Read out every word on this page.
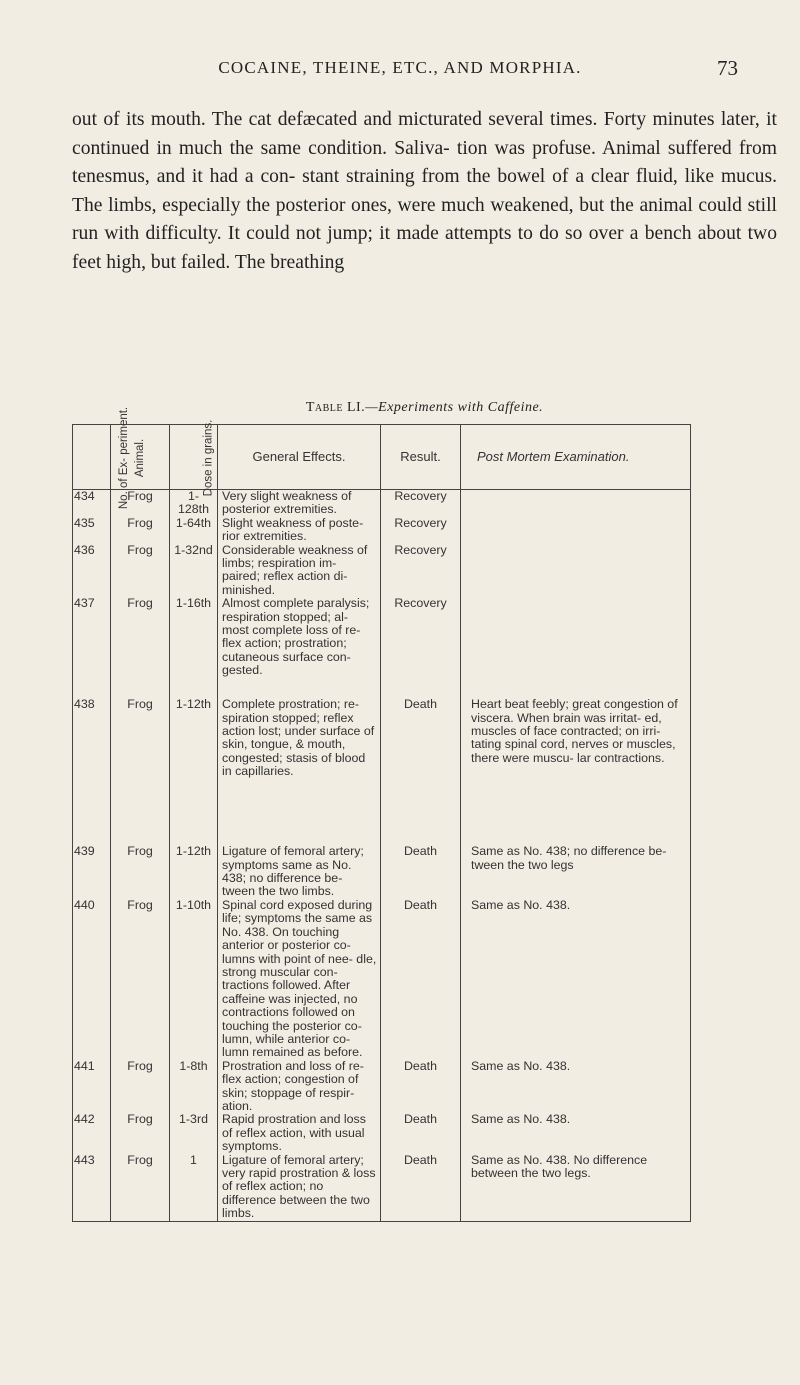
COCAINE, THEINE, ETC., AND MORPHIA.	73

out of its mouth. The cat defæcated and micturated several times. Forty minutes later, it continued in much the same condition. Saliva- tion was profuse. Animal suffered from tenesmus, and it had a con- stant straining from the bowel of a clear fluid, like mucus. The limbs, especially the posterior ones, were much weakened, but the animal could still run with difficulty. It could not jump; it made attempts to do so over a bench about two feet high, but failed. The breathing

Table LI.—Experiments with Caffeine.
No. of Ex- periment.	Animal.	Dose in grains.	General Effects.	Result.	Post Mortem Examination.
434	Frog	1-128th	Very slight weakness of posterior extremities.	Recovery	
435	Frog	1-64th	Slight weakness of poste- rior extremities.	Recovery	
436	Frog	1-32nd	Considerable weakness of limbs; respiration im- paired; reflex action di- minished.	Recovery	
437	Frog	1-16th	Almost complete paralysis; respiration stopped; al- most complete loss of re- flex action; prostration; cutaneous surface con- gested.	Recovery	
438	Frog	1-12th	Complete prostration; re- spiration stopped; reflex action lost; under surface of skin, tongue, & mouth, congested; stasis of blood in capillaries.	Death	Heart beat feebly; great congestion of viscera. When brain was irritat- ed, muscles of face contracted; on irri- tating spinal cord, nerves or muscles, there were muscu- lar contractions.
439	Frog	1-12th	Ligature of femoral artery; symptoms same as No. 438; no difference be- tween the two limbs.	Death	Same as No. 438; no difference be- tween the two legs
440	Frog	1-10th	Spinal cord exposed during life; symptoms the same as No. 438. On touching anterior or posterior co- lumns with point of nee- dle, strong muscular con- tractions followed. After caffeine was injected, no contractions followed on touching the posterior co- lumn, while anterior co- lumn remained as before.	Death	Same as No. 438.
441	Frog	1-8th	Prostration and loss of re- flex action; congestion of skin; stoppage of respir- ation.	Death	Same as No. 438.
442	Frog	1-3rd	Rapid prostration and loss of reflex action, with usual symptoms.	Death	Same as No. 438.
443	Frog	1	Ligature of femoral artery; very rapid prostration & loss of reflex action; no difference between the two limbs.	Death	Same as No. 438. No difference between the two legs.
